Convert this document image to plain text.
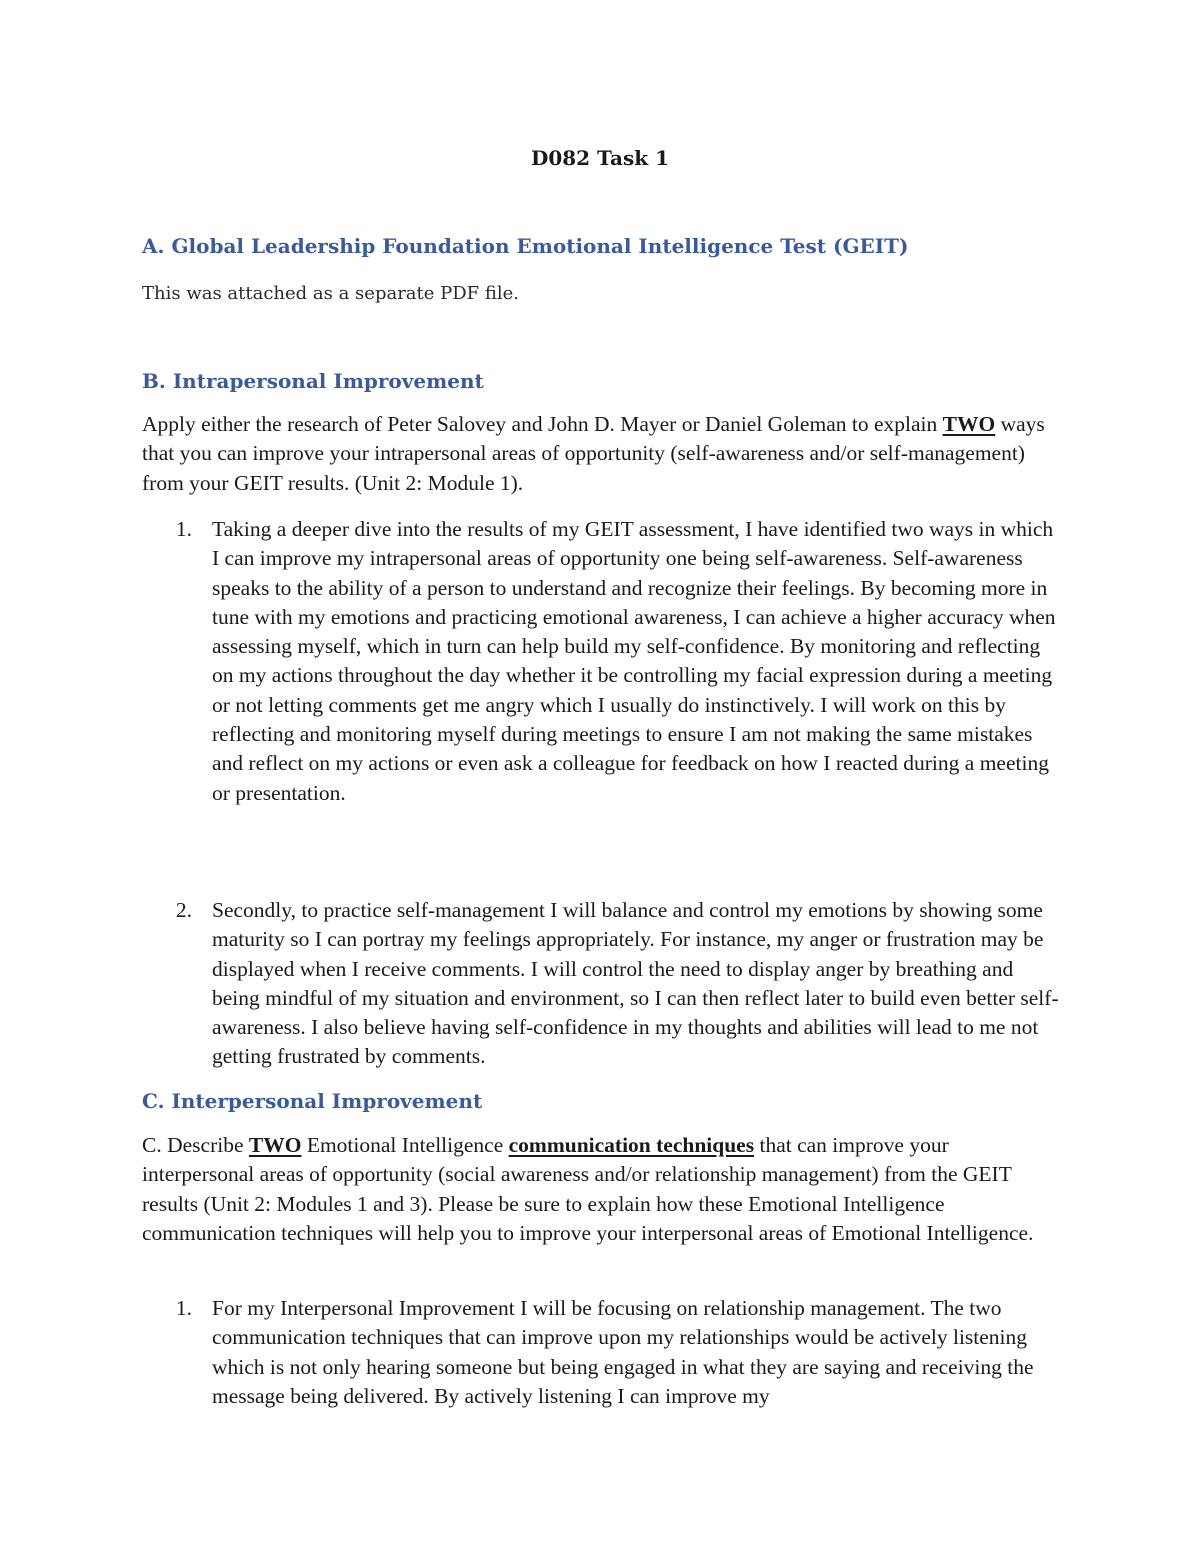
D082 Task 1
A. Global Leadership Foundation Emotional Intelligence Test (GEIT)

This was attached as a separate PDF file.

B. Intrapersonal Improvement

Apply either the research of Peter Salovey and John D. Mayer or Daniel Goleman to explain TWO ways that you can improve your intrapersonal areas of opportunity (self-awareness and/or self-management) from your GEIT results. (Unit 2: Module 1).

1. Taking a deeper dive into the results of my GEIT assessment, I have identified two ways in which I can improve my intrapersonal areas of opportunity one being self-awareness. Self-awareness speaks to the ability of a person to understand and recognize their feelings. By becoming more in tune with my emotions and practicing emotional awareness, I can achieve a higher accuracy when assessing myself, which in turn can help build my self-confidence. By monitoring and reflecting on my actions throughout the day whether it be controlling my facial expression during a meeting or not letting comments get me angry which I usually do instinctively. I will work on this by reflecting and monitoring myself during meetings to ensure I am not making the same mistakes and reflect on my actions or even ask a colleague for feedback on how I reacted during a meeting or presentation.

2. Secondly, to practice self-management I will balance and control my emotions by showing some maturity so I can portray my feelings appropriately. For instance, my anger or frustration may be displayed when I receive comments. I will control the need to display anger by breathing and being mindful of my situation and environment, so I can then reflect later to build even better self-awareness. I also believe having self-confidence in my thoughts and abilities will lead to me not getting frustrated by comments.

C. Interpersonal Improvement

C. Describe TWO Emotional Intelligence communication techniques that can improve your interpersonal areas of opportunity (social awareness and/or relationship management) from the GEIT results (Unit 2: Modules 1 and 3). Please be sure to explain how these Emotional Intelligence communication techniques will help you to improve your interpersonal areas of Emotional Intelligence.

1. For my Interpersonal Improvement I will be focusing on relationship management. The two communication techniques that can improve upon my relationships would be actively listening which is not only hearing someone but being engaged in what they are saying and receiving the message being delivered. By actively listening I can improve my
